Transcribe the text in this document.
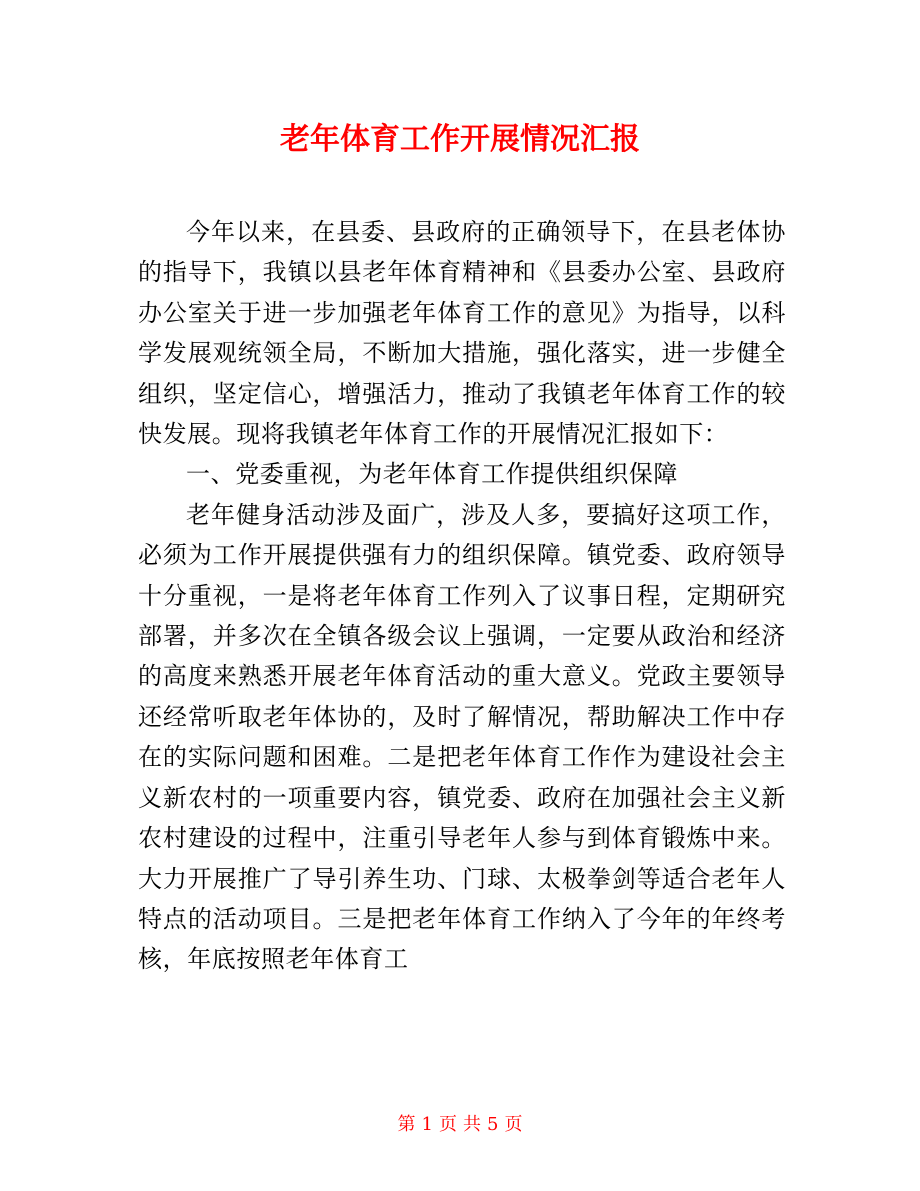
老年体育工作开展情况汇报

今年以来，在县委、县政府的正确领导下，在县老体协的指导下，我镇以县老年体育精神和《县委办公室、县政府办公室关于进一步加强老年体育工作的意见》为指导，以科学发展观统领全局，不断加大措施，强化落实，进一步健全组织，坚定信心，增强活力，推动了我镇老年体育工作的较快发展。现将我镇老年体育工作的开展情况汇报如下：

一、党委重视，为老年体育工作提供组织保障

老年健身活动涉及面广，涉及人多，要搞好这项工作，必须为工作开展提供强有力的组织保障。镇党委、政府领导十分重视，一是将老年体育工作列入了议事日程，定期研究部署，并多次在全镇各级会议上强调，一定要从政治和经济的高度来熟悉开展老年体育活动的重大意义。党政主要领导还经常听取老年体协的，及时了解情况，帮助解决工作中存在的实际问题和困难。二是把老年体育工作作为建设社会主义新农村的一项重要内容，镇党委、政府在加强社会主义新农村建设的过程中，注重引导老年人参与到体育锻炼中来。大力开展推广了导引养生功、门球、太极拳剑等适合老年人特点的活动项目。三是把老年体育工作纳入了今年的年终考核，年底按照老年体育工

第 1 页 共 5 页
